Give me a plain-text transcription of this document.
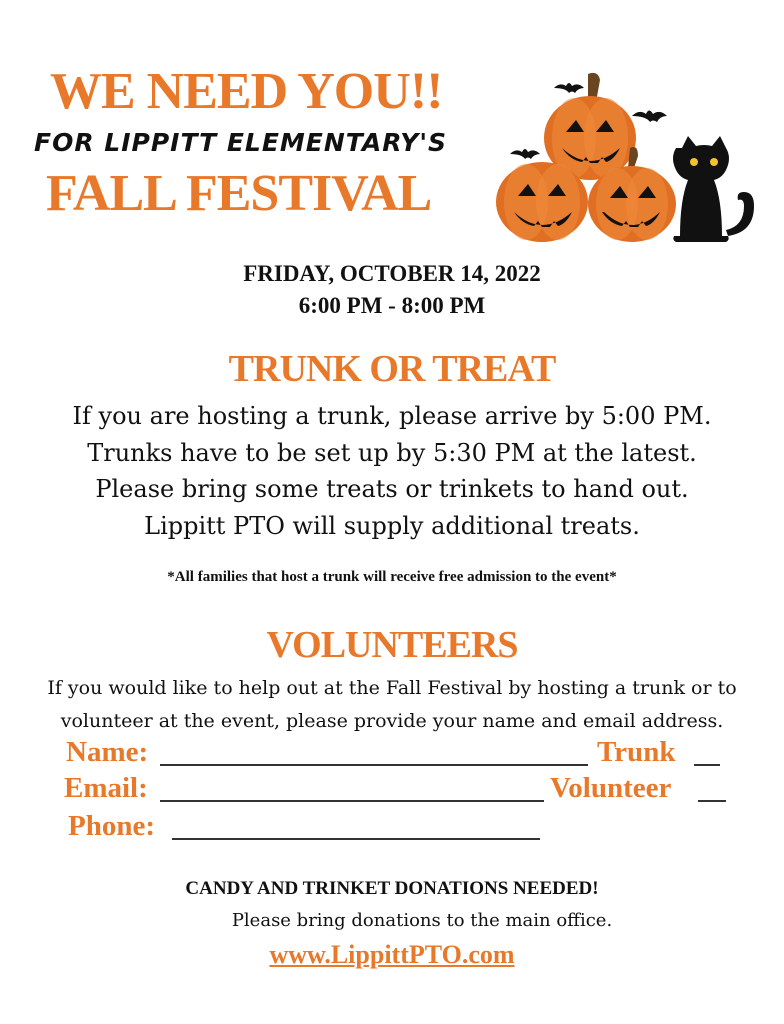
WE NEED YOU!!
FOR LIPPITT ELEMENTARY'S
FALL FESTIVAL
FRIDAY, OCTOBER 14, 2022
6:00 PM - 8:00 PM
TRUNK OR TREAT
If you are hosting a trunk, please arrive by 5:00 PM.
Trunks have to be set up by 5:30 PM at the latest.
Please bring some treats or trinkets to hand out.
Lippitt PTO will supply additional treats.
*All families that host a trunk will receive free admission to the event*
VOLUNTEERS
If you would like to help out at the Fall Festival by hosting a trunk or to
volunteer at the event, please provide your name and email address.
Name:	Trunk
Email:	Volunteer
Phone:
CANDY AND TRINKET DONATIONS NEEDED!
Please bring donations to the main office.
www.LippittPTO.com
